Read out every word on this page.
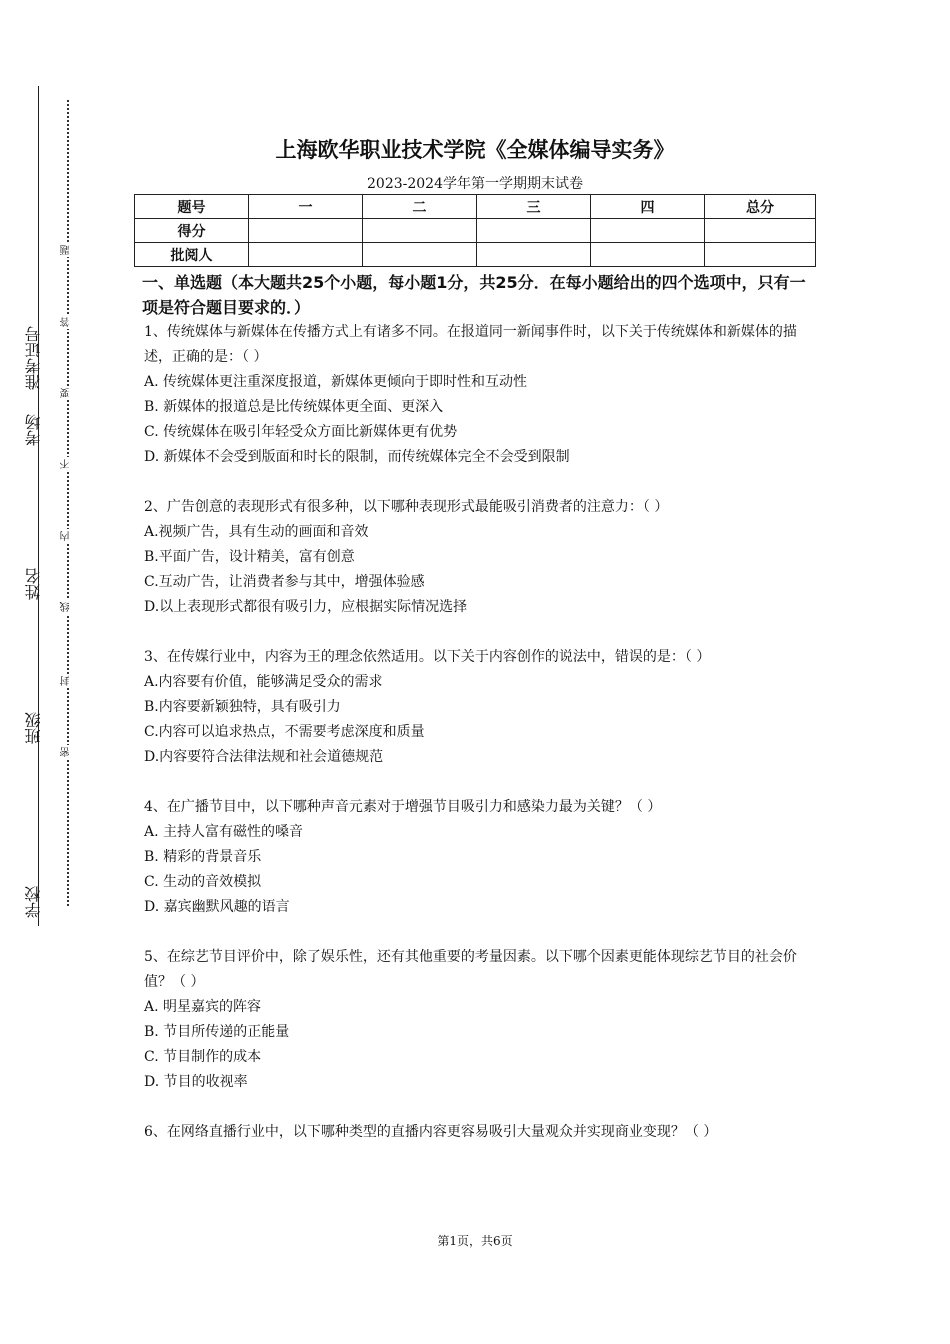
准考证号
考场
姓名
班级
学校
题
答
要
不
内
线
封
密
上海欧华职业技术学院《全媒体编导实务》
2023-2024学年第一学期期末试卷
题号	一	二	三	四	总分
得分					
批阅人					
一、单选题（本大题共25个小题，每小题1分，共25分．在每小题给出的四个选项中，只有一项是符合题目要求的．）
1、传统媒体与新媒体在传播方式上有诸多不同。在报道同一新闻事件时，以下关于传统媒体和新媒体的描述，正确的是：（ ）
A. 传统媒体更注重深度报道，新媒体更倾向于即时性和互动性
B. 新媒体的报道总是比传统媒体更全面、更深入
C. 传统媒体在吸引年轻受众方面比新媒体更有优势
D. 新媒体不会受到版面和时长的限制，而传统媒体完全不会受到限制
2、广告创意的表现形式有很多种，以下哪种表现形式最能吸引消费者的注意力：（ ）
A.视频广告，具有生动的画面和音效
B.平面广告，设计精美，富有创意
C.互动广告，让消费者参与其中，增强体验感
D.以上表现形式都很有吸引力，应根据实际情况选择
3、在传媒行业中，内容为王的理念依然适用。以下关于内容创作的说法中，错误的是：（ ）
A.内容要有价值，能够满足受众的需求
B.内容要新颖独特，具有吸引力
C.内容可以追求热点，不需要考虑深度和质量
D.内容要符合法律法规和社会道德规范
4、在广播节目中，以下哪种声音元素对于增强节目吸引力和感染力最为关键？（ ）
A. 主持人富有磁性的嗓音
B. 精彩的背景音乐
C. 生动的音效模拟
D. 嘉宾幽默风趣的语言
5、在综艺节目评价中，除了娱乐性，还有其他重要的考量因素。以下哪个因素更能体现综艺节目的社会价值？（ ）
A. 明星嘉宾的阵容
B. 节目所传递的正能量
C. 节目制作的成本
D. 节目的收视率
6、在网络直播行业中，以下哪种类型的直播内容更容易吸引大量观众并实现商业变现？（ ）
第1页，共6页
